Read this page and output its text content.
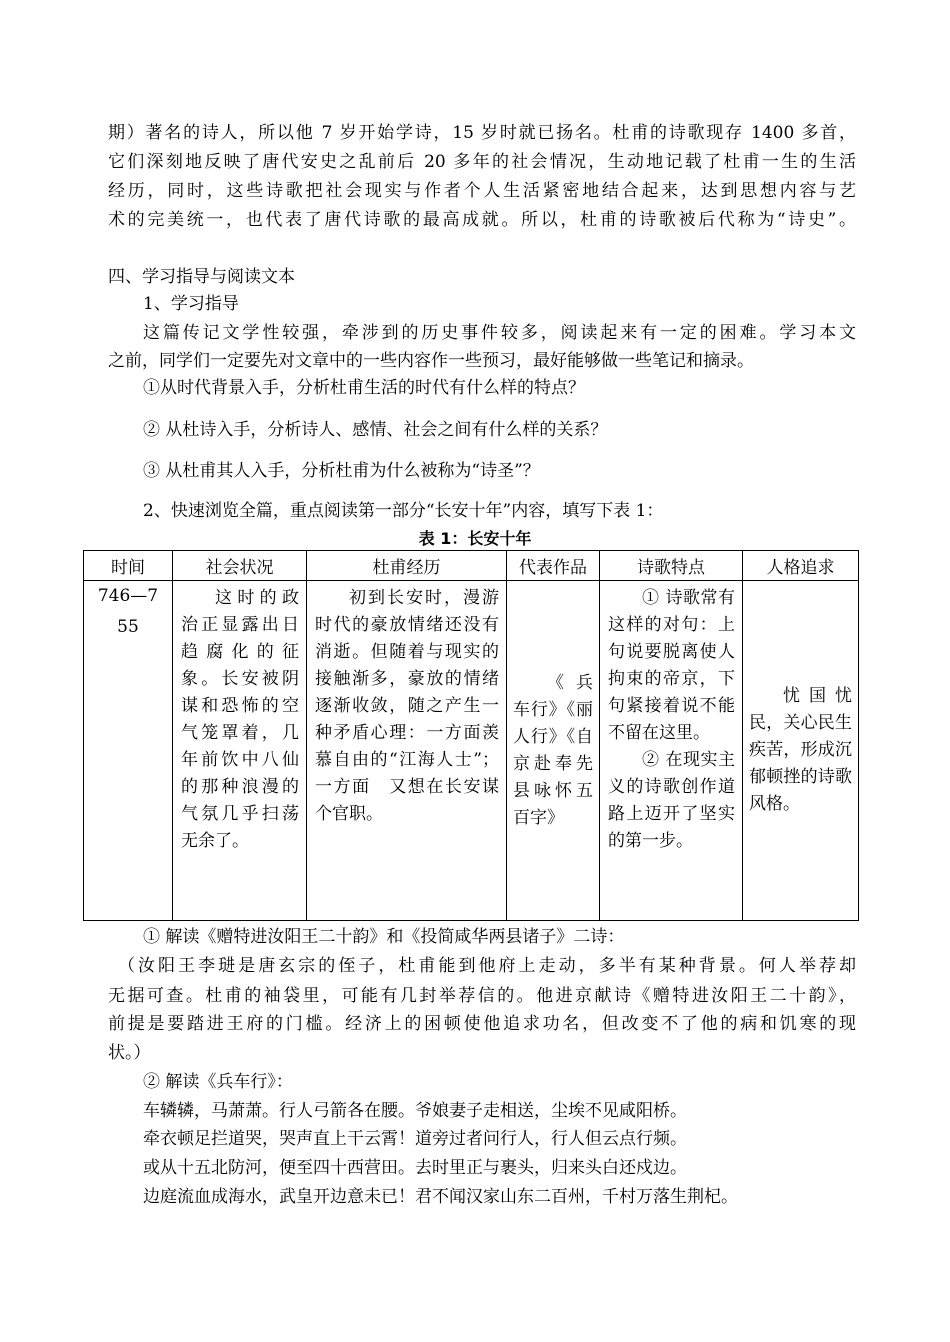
期）著名的诗人，所以他 7 岁开始学诗，15 岁时就已扬名。杜甫的诗歌现存 1400 多首，
它们深刻地反映了唐代安史之乱前后 20 多年的社会情况，生动地记载了杜甫一生的生活
经历，同时，这些诗歌把社会现实与作者个人生活紧密地结合起来，达到思想内容与艺
术的完美统一，也代表了唐代诗歌的最高成就。所以，杜甫的诗歌被后代称为“诗史”。
四、学习指导与阅读文本
1、学习指导
这篇传记文学性较强，牵涉到的历史事件较多，阅读起来有一定的困难。学习本文
之前，同学们一定要先对文章中的一些内容作一些预习，最好能够做一些笔记和摘录。
①从时代背景入手，分析杜甫生活的时代有什么样的特点？
② 从杜诗入手，分析诗人、感情、社会之间有什么样的关系？
③ 从杜甫其人入手，分析杜甫为什么被称为“诗圣”？
2、快速浏览全篇，重点阅读第一部分“长安十年”内容，填写下表 1：
表 1：长安十年
时间	社会状况	杜甫经历	代表作品	诗歌特点	人格追求

746—755	这时的政治正显露出日趋腐化的征象。长安被阴谋和恐怖的空气笼罩着，几年前饮中八仙的那种浪漫的气氛几乎扫荡无余了。	初到长安时，漫游时代的豪放情绪还没有消逝。但随着与现实的接触渐多，豪放的情绪逐渐收敛，随之产生一种矛盾心理：一方面羡慕自由的“江海人士”；一方面　又想在长安谋个官职。	《兵车行》《丽人行》《自京赴奉先县咏怀五百字》	① 诗歌常有这样的对句：上句说要脱离使人拘束的帝京，下句紧接着说不能不留在这里。
② 在现实主义的诗歌创作道路上迈开了坚实的第一步。	忧国忧民，关心民生疾苦，形成沉郁顿挫的诗歌风格。
① 解读《赠特进汝阳王二十韵》和《投简咸华两县诸子》二诗：
（汝阳王李琎是唐玄宗的侄子，杜甫能到他府上走动，多半有某种背景。何人举荐却
无据可查。杜甫的袖袋里，可能有几封举荐信的。他进京献诗《赠特进汝阳王二十韵》，
前提是要踏进王府的门槛。经济上的困顿使他追求功名，但改变不了他的病和饥寒的现
状。）
② 解读《兵车行》：
车辚辚，马萧萧。行人弓箭各在腰。爷娘妻子走相送，尘埃不见咸阳桥。
牵衣顿足拦道哭，哭声直上干云霄！道旁过者问行人，行人但云点行频。
或从十五北防河，便至四十西营田。去时里正与裹头，归来头白还戍边。
边庭流血成海水，武皇开边意未已！君不闻汉家山东二百州，千村万落生荆杞。
